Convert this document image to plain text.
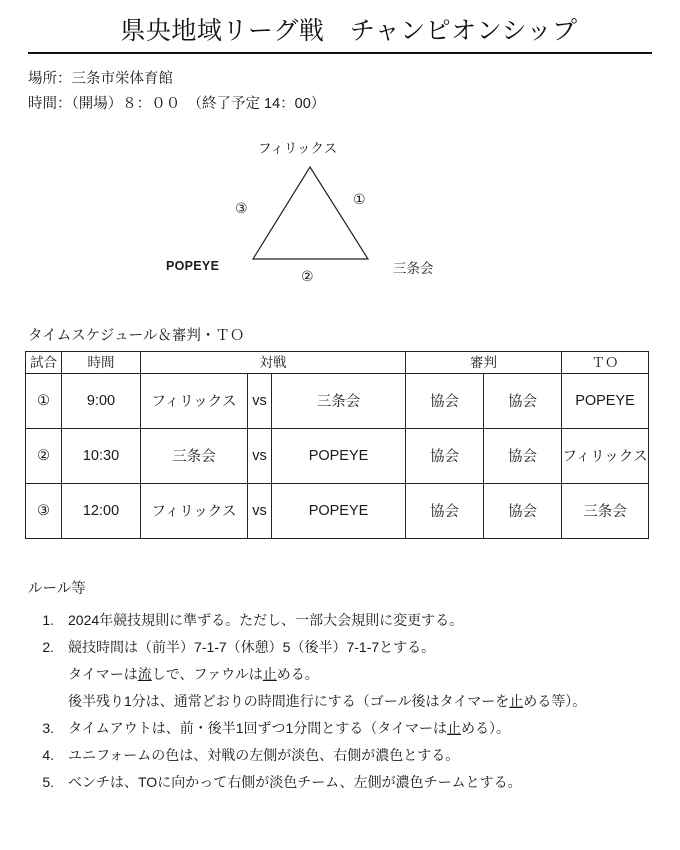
県央地域リーグ戦　チャンピオンシップ
場所：三条市栄体育館
時間：（開場）８：００　（終了予定 14：00）
フィリックス
POPEYE	三条会
①
②
③
タイムスケジュール＆審判・ＴＯ
試合	時間	対戦			審判		ＴＯ
①	9:00	フィリックス	vs	三条会	協会	協会	POPEYE
②	10:30	三条会	vs	POPEYE	協会	協会	フィリックス
③	12:00	フィリックス	vs	POPEYE	協会	協会	三条会
ルール等
1.	2024年競技規則に準ずる。ただし、一部大会規則に変更する。
2.	競技時間は（前半）7-1-7（休憩）5（後半）7-1-7とする。
タイマーは流しで、ファウルは止める。
後半残り1分は、通常どおりの時間進行にする（ゴール後はタイマーを止める等）。
3.	タイムアウトは、前・後半1回ずつ1分間とする（タイマーは止める）。
4.	ユニフォームの色は、対戦の左側が淡色、右側が濃色とする。
5.	ベンチは、TOに向かって右側が淡色チーム、左側が濃色チームとする。
